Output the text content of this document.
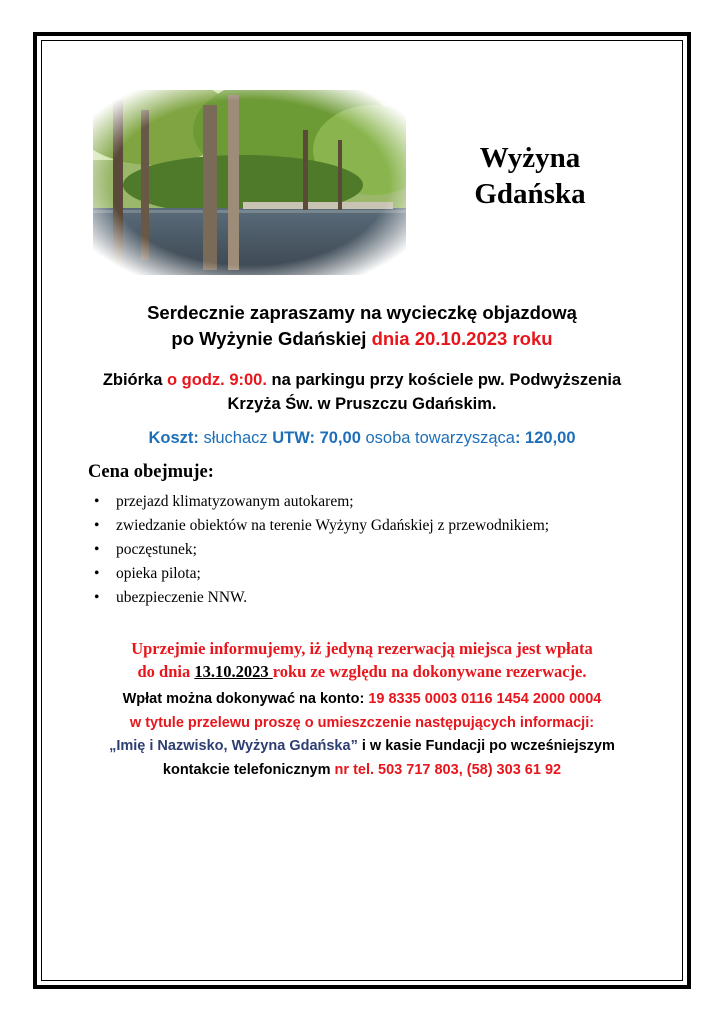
Wyżyna
Gdańska
Serdecznie zapraszamy na wycieczkę objazdową
po Wyżynie Gdańskiej dnia 20.10.2023 roku
Zbiórka o godz. 9:00. na parkingu przy kościele pw. Podwyższenia
Krzyża Św. w Pruszczu Gdańskim.
Koszt: słuchacz UTW: 70,00 osoba towarzysząca: 120,00
Cena obejmuje:
• przejazd klimatyzowanym autokarem;
• zwiedzanie obiektów na terenie Wyżyny Gdańskiej z przewodnikiem;
• poczęstunek;
• opieka pilota;
• ubezpieczenie NNW.
Uprzejmie informujemy, iż jedyną rezerwacją miejsca jest wpłata
do dnia 13.10.2023 roku ze względu na dokonywane rezerwacje.
Wpłat można dokonywać na konto: 19 8335 0003 0116 1454 2000 0004
w tytule przelewu proszę o umieszczenie następujących informacji:
„Imię i Nazwisko, Wyżyna Gdańska” i w kasie Fundacji po wcześniejszym
kontakcie telefonicznym nr tel. 503 717 803, (58) 303 61 92
